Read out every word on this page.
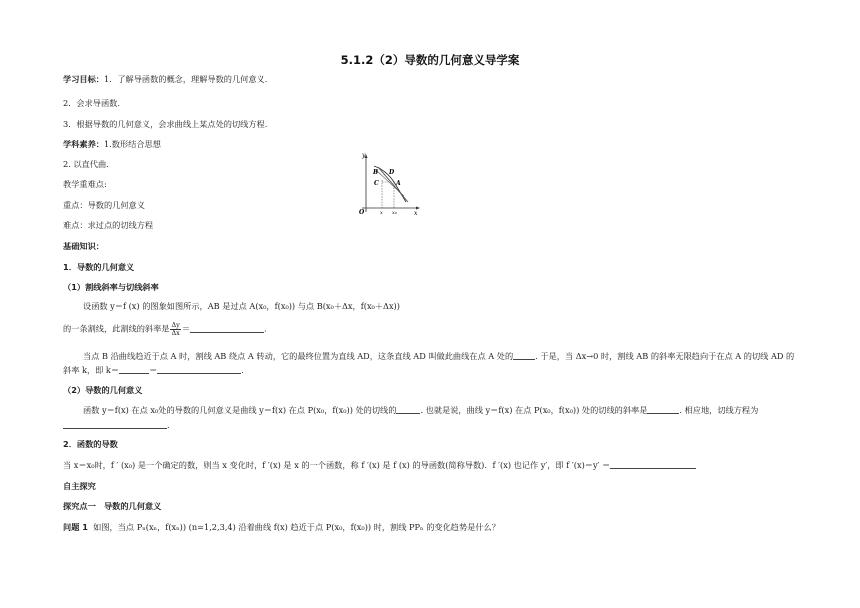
5.1.2（2）导数的几何意义导学案
学习目标：1．了解导函数的概念，理解导数的几何意义.
2．会求导函数.
3．根据导数的几何意义，会求曲线上某点处的切线方程.
学科素养：1.数形结合思想
2. 以直代曲.
教学重难点:
重点：导数的几何意义
难点：求过点的切线方程
y
O	x
B D
A
C
x x₀
基础知识：
1．导数的几何意义
（1）割线斜率与切线斜率
设函数 y＝f (x) 的图象如图所示，AB 是过点 A(x₀，f(x₀)) 与点 B(x₀＋Δx，f(x₀＋Δx))
的一条割线，此割线的斜率是 $\frac{\Delta y}{\Delta x}$ ＝	.
当点 B 沿曲线趋近于点 A 时，割线 AB 绕点 A 转动，它的最终位置为直线 AD，这条直线 AD 叫做此曲线在点 A 处的	. 于是，当 Δx→0 时，割线 AB 的斜率无限趋向于在点 A 的切线 AD 的
斜率 k，即 k＝	＝	.
（2）导数的几何意义
函数 y＝f(x) 在点 x₀处的导数的几何意义是曲线 y＝f(x) 在点 P(x₀，f(x₀)) 处的切线的	. 也就是说，曲线 y＝f(x) 在点 P(x₀，f(x₀)) 处的切线的斜率是	. 相应地，切线方程为
.
2．函数的导数
当 x＝x₀时，f ′ (x₀) 是一个确定的数，则当 x 变化时，f ′(x) 是 x 的一个函数，称 f ′(x) 是 f (x) 的导函数(简称导数)．f ′(x) 也记作 y′，即 f ′(x)＝y′ ＝
自主探究
探究点一　导数的几何意义
问题 1 如图，当点 Pₙ(xₙ，f(xₙ)) (n=1,2,3,4) 沿着曲线 f(x) 趋近于点 P(x₀，f(x₀)) 时，割线 PPₙ 的变化趋势是什么？
